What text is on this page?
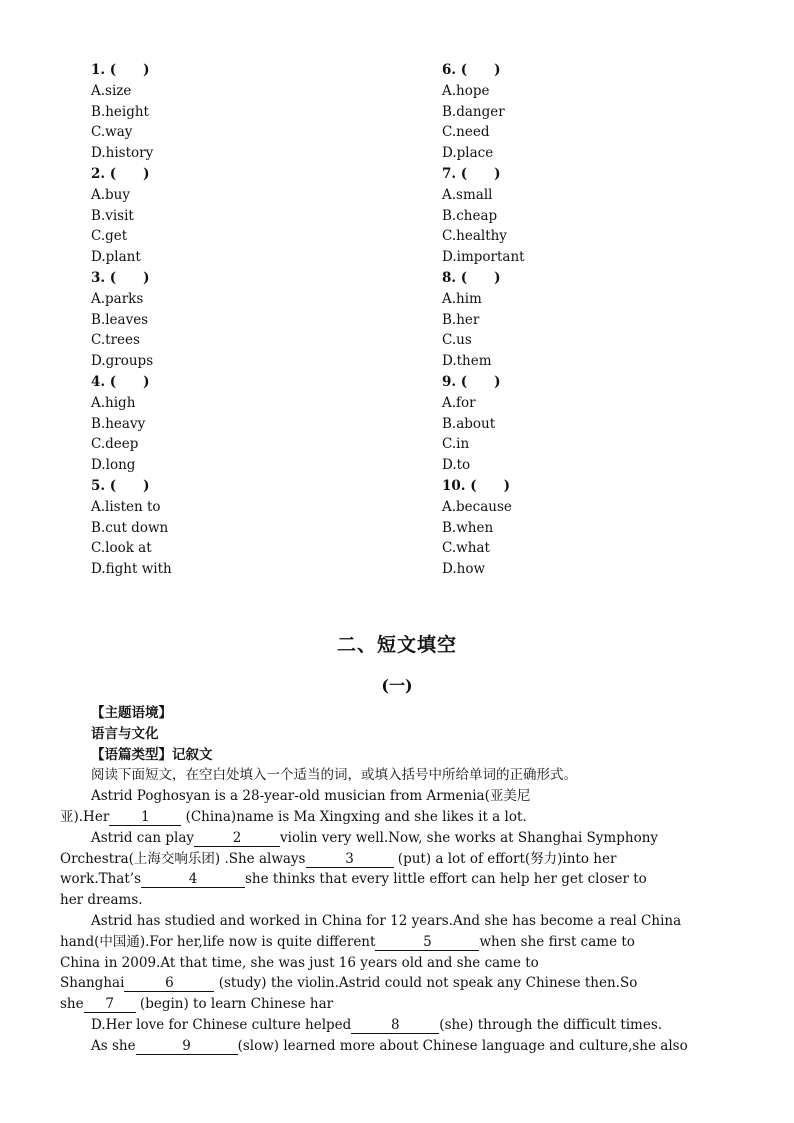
1. (　　)
A.size
B.height
C.way
D.history
2. (　　)
A.buy
B.visit
C.get
D.plant
3. (　　)
A.parks
B.leaves
C.trees
D.groups
4. (　　)
A.high
B.heavy
C.deep
D.long
5. (　　)
A.listen to
B.cut down
C.look at
D.fight with
6. (　　)
A.hope
B.danger
C.need
D.place
7. (　　)
A.small
B.cheap
C.healthy
D.important
8. (　　)
A.him
B.her
C.us
D.them
9. (　　)
A.for
B.about
C.in
D.to
10. (　　)
A.because
B.when
C.what
D.how
二、短文填空
(一)
【主题语境】
语言与文化
【语篇类型】记叙文
阅读下面短文，在空白处填入一个适当的词，或填入括号中所给单词的正确形式。
Astrid Poghosyan is a 28-year-old musician from Armenia(亚美尼
亚).Her 1	(China)name is Ma Xingxing and she likes it a lot.
Astrid can play	2	violin very well.Now, she works at Shanghai Symphony
Orchestra(上海交响乐团) .She always	3	(put) a lot of effort(努力)into her
work.That’s	4	she thinks that every little effort can help her get closer to
her dreams.
Astrid has studied and worked in China for 12 years.And she has become a real China
hand(中国通).For her,life now is quite different	5	when she first came to
China in 2009.At that time, she was just 16 years old and she came to
Shanghai	6	(study) the violin.Astrid could not speak any Chinese then.So
she 7 (begin) to learn Chinese har
D.Her love for Chinese culture helped	8	(she) through the difficult times.
As she	9	(slow) learned more about Chinese language and culture,she also
